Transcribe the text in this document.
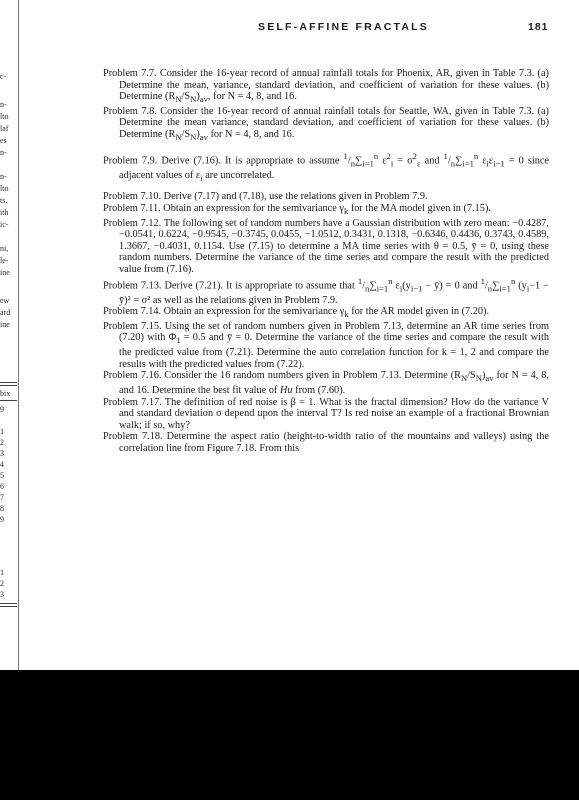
c-
n-
lto
laf
es
n-
n-
lto
ts.
ith
ic-
ni,
le-
ine
ew
ard
ine
bix
9
1
2
3
4
5
6
7
8
9
1
2
3
SELF-AFFINE FRACTALS	181

Problem 7.7. Consider the 16-year record of annual rainfall totals for Phoenix, AR, given in Table 7.3. (a) Determine the mean, variance, standard deviation, and coefficient of variation for these values. (b) Determine $(R_N/S_N)_{av}$, for N = 4, 8, and 16.

Problem 7.8. Consider the 16-year record of annual rainfall totals for Seattle, WA, given in Table 7.3. (a) Determine the mean variance, standard deviation, and coefficient of variation for these values. (b) Determine $(R_N/S_N)_{av}$ for N = 4, 8, and 16.

Problem 7.9. Derive (7.16). It is appropriate to assume $^1/_n\sum_{i=1}^n$ $\varepsilon^2_i = \sigma^2_\varepsilon$ and $^1/_n\sum_{i=1}^n$ $\varepsilon_i\varepsilon_{i-1} = 0$ since adjacent values of $\varepsilon_i$ are uncorrelated.

Problem 7.10. Derive (7.17) and (7.18), use the relations given in Problem 7.9.

Problem 7.11. Obtain an expression for the semivariance $\gamma_k$ for the MA model given in (7.15).

Problem 7.12. The following set of random numbers have a Gaussian distribution with zero mean: −0.4287, −0.0541, 0.6224, −0.9545, −0.3745, 0.0455, −1.0512, 0.3431, 0.1318, −0.6346, 0.4436, 0.3743, 0.4589, 1.3667, −0.4031, 0.1154. Use (7.15) to determine a MA time series with θ = 0.5, ȳ = 0, using these random numbers. Determine the variance of the time series and compare the result with the predicted value from (7.16).

Problem 7.13. Derive (7.21). It is appropriate to assume that $^1/_n\sum_{i=1}^n$ $\varepsilon_i(y_{i-1}$ − ȳ) = 0 and $^1/_n\sum_{i=1}^n$ ($y_i-1$ − ȳ)² = σ² as well as the relations given in Problem 7.9.

Problem 7.14. Obtain an expression for the semivariance $\gamma_k$ for the AR model given in (7.20).

Problem 7.15. Using the set of random numbers given in Problem 7.13, determine an AR time series from (7.20) with $\Phi_1 = 0.5$ and ȳ = 0. Determine the variance of the time series and compare the result with the predicted value from (7.21). Determine the auto correlation function for k = 1, 2 and compare the results with the predicted values from (7.22).

Problem 7.16. Consider the 16 random numbers given in Problem 7.13. Determine $(R_N/S_N)_{av}$ for N = 4, 8, and 16. Determine the best fit value of Hu from (7.60).

Problem 7.17. The definition of red noise is β = 1. What is the fractal dimension? How do the variance V and standard deviation σ depend upon the interval T? Is red noise an example of a fractional Brownian walk; if so, why?

Problem 7.18. Determine the aspect ratio (height-to-width ratio of the mountains and valleys) using the correlation line from Figure 7.18. From this
